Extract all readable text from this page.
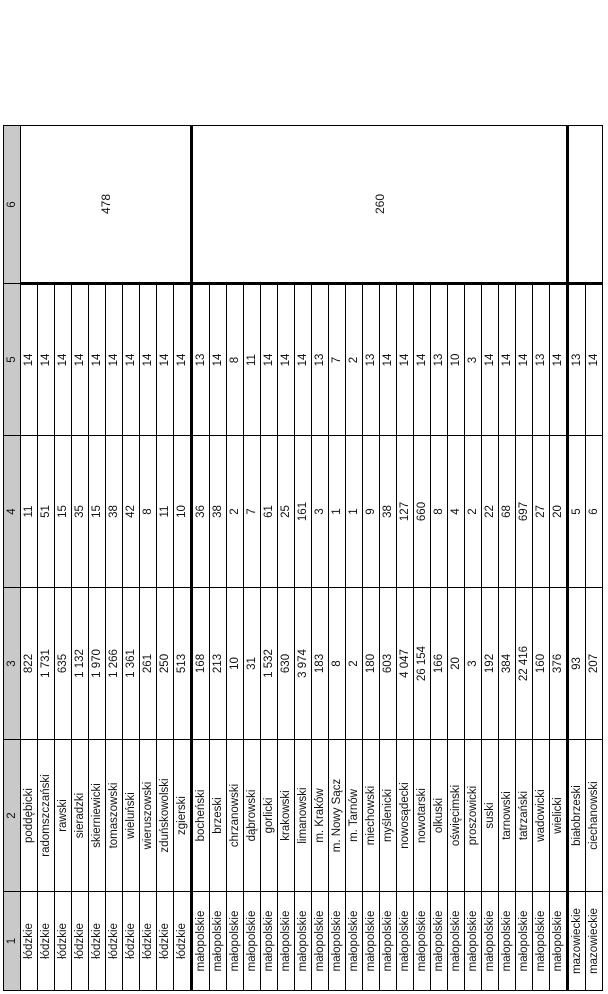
1	2	3	4	5	6
łódzkie	poddębicki	822	11	14	478
łódzkie	radomszczański	1 731	51	14	
łódzkie	rawski	635	15	14	
łódzkie	sieradzki	1 132	35	14	
łódzkie	skierniewicki	1 970	15	14	
łódzkie	tomaszowski	1 266	38	14	
łódzkie	wieluński	1 361	42	14	
łódzkie	wieruszowski	261	8	14	
łódzkie	zduńskowolski	250	11	14	
łódzkie	zgierski	513	10	14	
małopolskie	bocheński	168	36	13	260
małopolskie	brzeski	213	38	14	
małopolskie	chrzanowski	10	2	8	
małopolskie	dąbrowski	31	7	11	
małopolskie	gorlicki	1 532	61	14	
małopolskie	krakowski	630	25	14	
małopolskie	limanowski	3 974	161	14	
małopolskie	m. Kraków	183	3	13	
małopolskie	m. Nowy Sącz	8	1	7	
małopolskie	m. Tarnów	2	1	2	
małopolskie	miechowski	180	9	13	
małopolskie	myślenicki	603	38	14	
małopolskie	nowosądecki	4 047	127	14	
małopolskie	nowotarski	26 154	660	14	
małopolskie	olkuski	166	8	13	
małopolskie	oświęcimski	20	4	10	
małopolskie	proszowicki	3	2	3	
małopolskie	suski	192	22	14	
małopolskie	tarnowski	384	68	14	
małopolskie	tatrzański	22 416	697	14	
małopolskie	wadowicki	160	27	13	
małopolskie	wielicki	376	20	14	
mazowieckie	białobrzeski	93	5	13	
mazowieckie	ciechanowski	207	6	14	
